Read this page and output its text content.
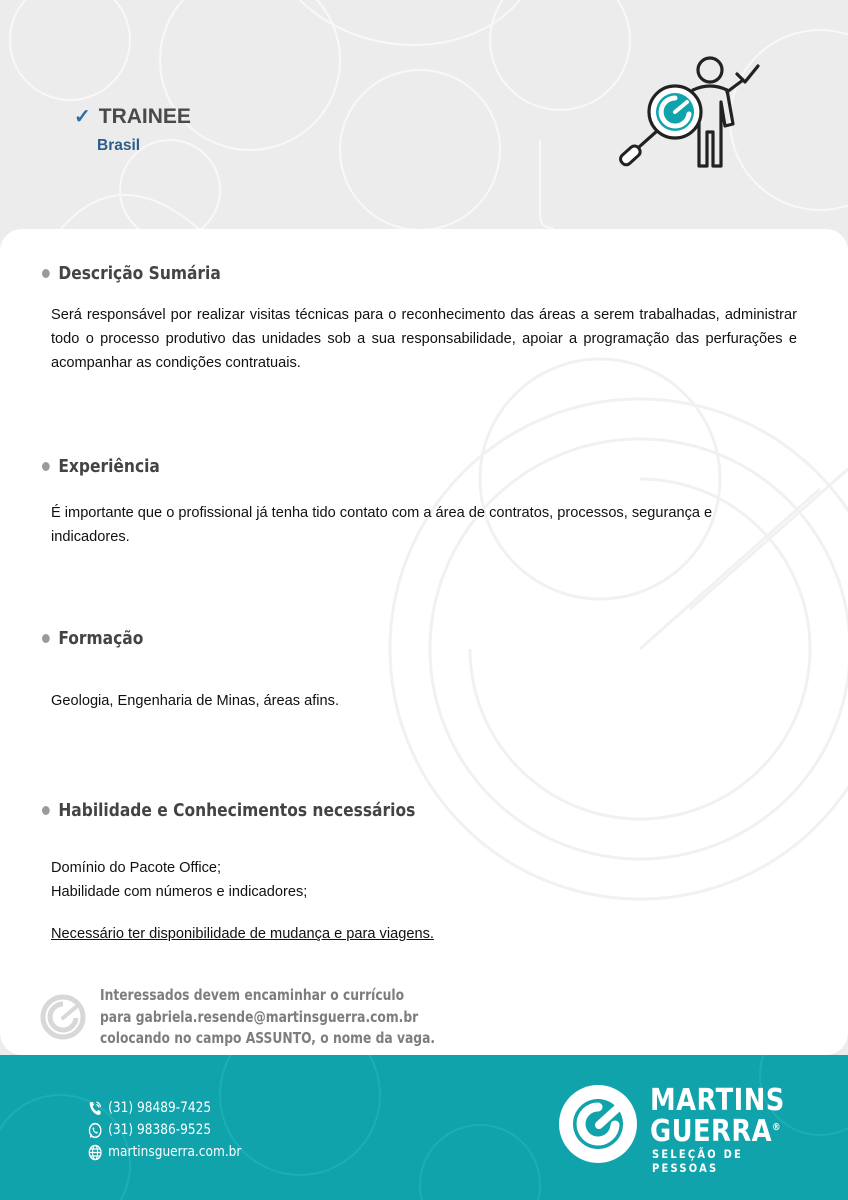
✓ TRAINEE
Brasil
Descrição Sumária
Será responsável por realizar visitas técnicas para o reconhecimento das áreas a serem trabalhadas, administrar todo o processo produtivo das unidades sob a sua responsabilidade, apoiar a programação das perfurações e acompanhar as condições contratuais.
Experiência
É importante que o profissional já tenha tido contato com a área de contratos, processos, segurança e indicadores.
Formação
Geologia, Engenharia de Minas, áreas afins.
Habilidade e Conhecimentos necessários
Domínio do Pacote Office;
Habilidade com números e indicadores;
Necessário ter disponibilidade de mudança e para viagens.
Interessados devem encaminhar o currículo
para gabriela.resende@martinsguerra.com.br
colocando no campo ASSUNTO, o nome da vaga.
(31) 98489-7425
(31) 98386-9525
martinsguerra.com.br
MARTINS
GUERRA®
SELEÇÃO DE PESSOAS
